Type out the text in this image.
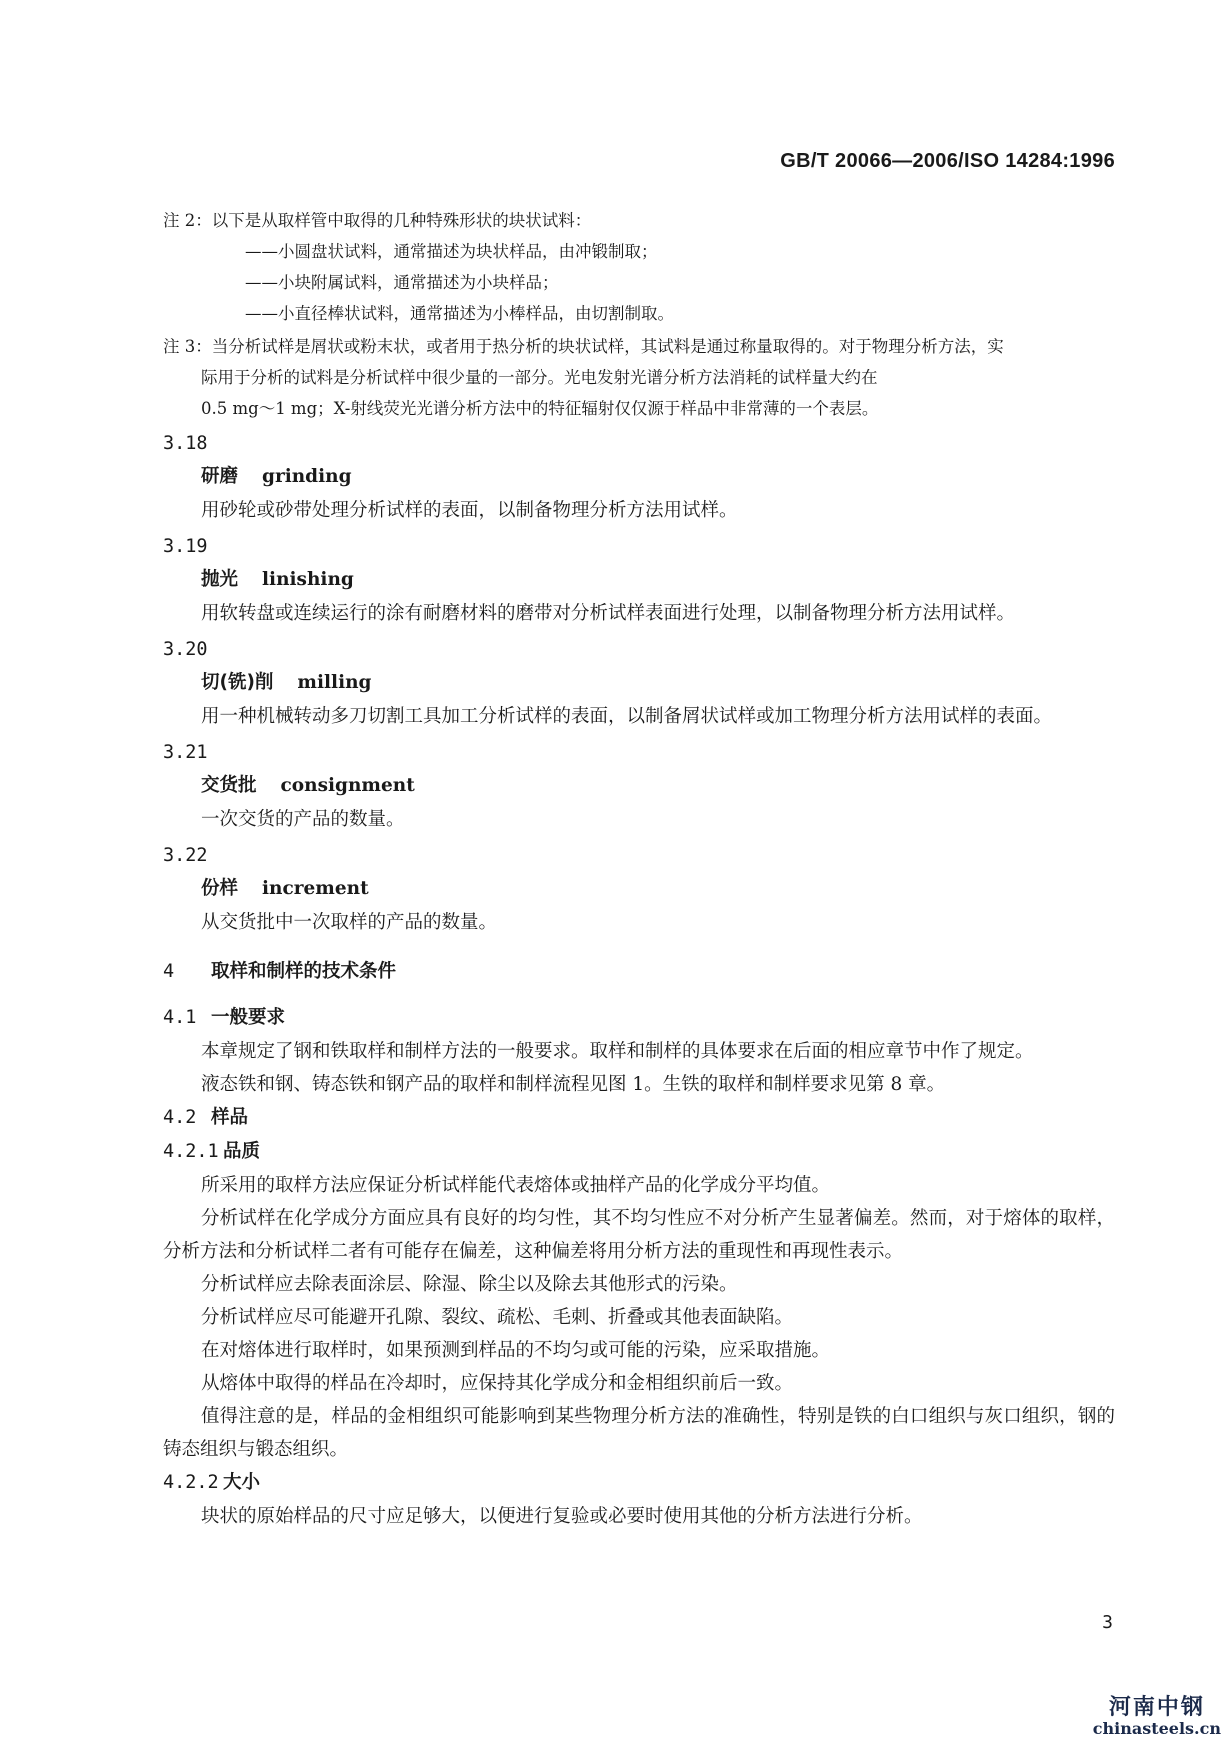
GB/T 20066—2006/ISO 14284:1996
注 2：以下是从取样管中取得的几种特殊形状的块状试料：

——小圆盘状试料，通常描述为块状样品，由冲锻制取；

——小块附属试料，通常描述为小块样品；

——小直径棒状试料，通常描述为小棒样品，由切割制取。

注 3：当分析试样是屑状或粉末状，或者用于热分析的块状试样，其试料是通过称量取得的。对于物理分析方法，实
际用于分析的试料是分析试样中很少量的一部分。光电发射光谱分析方法消耗的试样量大约在
0.5 mg～1 mg；X-射线荧光光谱分析方法中的特征辐射仅仅源于样品中非常薄的一个表层。

3.18

研磨 grinding

用砂轮或砂带处理分析试样的表面，以制备物理分析方法用试样。

3.19

抛光 linishing

用软转盘或连续运行的涂有耐磨材料的磨带对分析试样表面进行处理，以制备物理分析方法用试样。

3.20

切(铣)削 milling

用一种机械转动多刀切割工具加工分析试样的表面，以制备屑状试样或加工物理分析方法用试样的表面。

3.21

交货批 consignment

一次交货的产品的数量。

3.22

份样 increment

从交货批中一次取样的产品的数量。

4 取样和制样的技术条件

4.1 一般要求

本章规定了钢和铁取样和制样方法的一般要求。取样和制样的具体要求在后面的相应章节中作了规定。

液态铁和钢、铸态铁和钢产品的取样和制样流程见图 1。生铁的取样和制样要求见第 8 章。

4.2 样品

4.2.1 品质

所采用的取样方法应保证分析试样能代表熔体或抽样产品的化学成分平均值。

分析试样在化学成分方面应具有良好的均匀性，其不均匀性应不对分析产生显著偏差。然而，对于熔体的取样，分析方法和分析试样二者有可能存在偏差，这种偏差将用分析方法的重现性和再现性表示。

分析试样应去除表面涂层、除湿、除尘以及除去其他形式的污染。

分析试样应尽可能避开孔隙、裂纹、疏松、毛刺、折叠或其他表面缺陷。

在对熔体进行取样时，如果预测到样品的不均匀或可能的污染，应采取措施。

从熔体中取得的样品在冷却时，应保持其化学成分和金相组织前后一致。

值得注意的是，样品的金相组织可能影响到某些物理分析方法的准确性，特别是铁的白口组织与灰口组织，钢的铸态组织与锻态组织。

4.2.2 大小

块状的原始样品的尺寸应足够大，以便进行复验或必要时使用其他的分析方法进行分析。

3
河南中钢
chinasteels.cn
